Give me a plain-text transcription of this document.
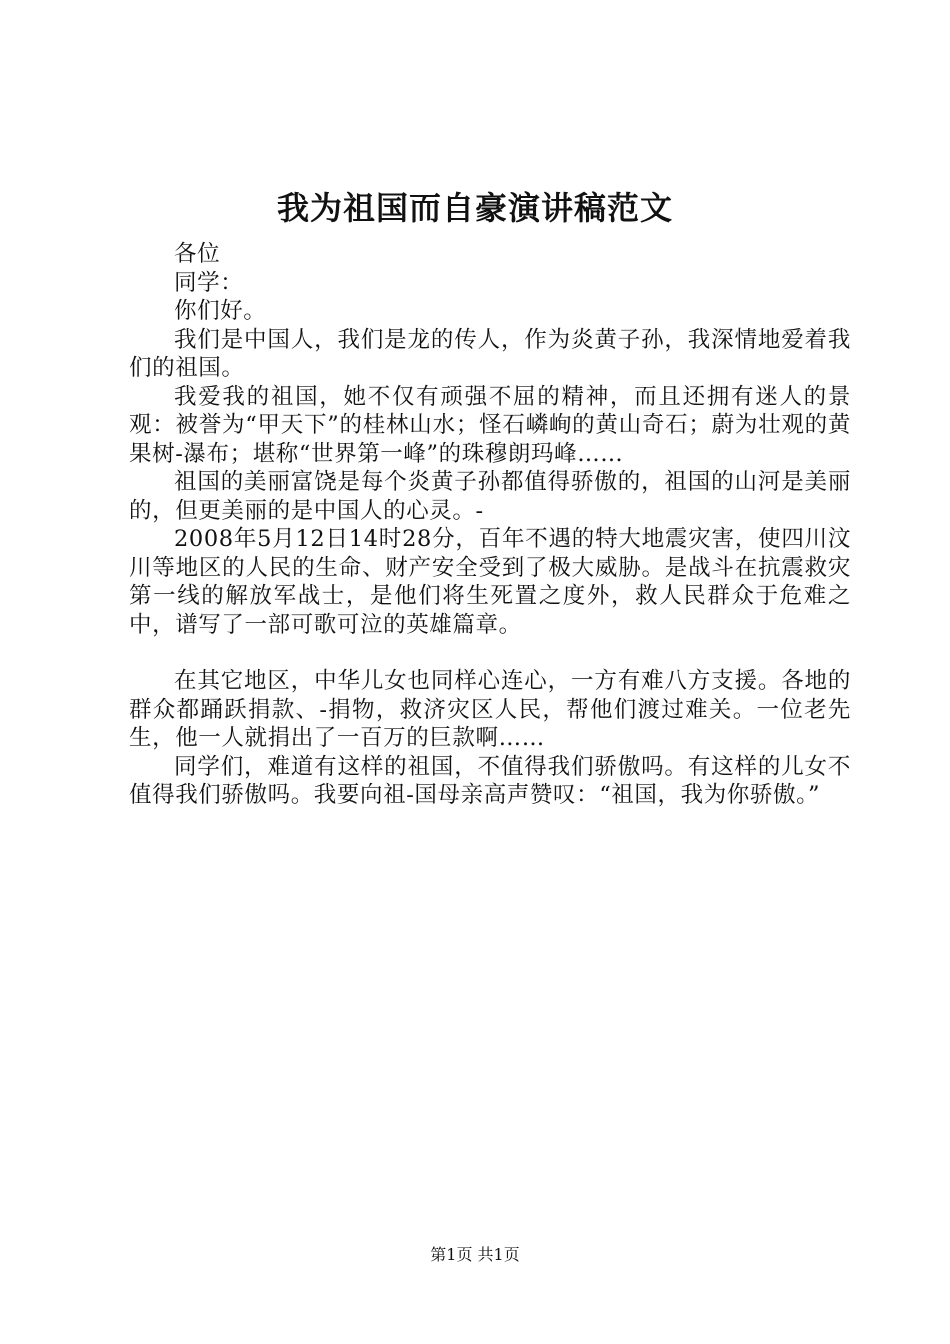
我为祖国而自豪演讲稿范文

各位

同学：

你们好。

我们是中国人，我们是龙的传人，作为炎黄子孙，我深情地爱着我们的祖国。

我爱我的祖国，她不仅有顽强不屈的精神，而且还拥有迷人的景观：被誉为“甲天下”的桂林山水；怪石嶙峋的黄山奇石；蔚为壮观的黄果树-瀑布；堪称“世界第一峰”的珠穆朗玛峰……

祖国的美丽富饶是每个炎黄子孙都值得骄傲的，祖国的山河是美丽的，但更美丽的是中国人的心灵。-

2008年5月12日14时28分，百年不遇的特大地震灾害，使四川汶川等地区的人民的生命、财产安全受到了极大威胁。是战斗在抗震救灾第一线的解放军战士，是他们将生死置之度外，救人民群众于危难之中，谱写了一部可歌可泣的英雄篇章。

在其它地区，中华儿女也同样心连心，一方有难八方支援。各地的群众都踊跃捐款、-捐物，救济灾区人民，帮他们渡过难关。一位老先生，他一人就捐出了一百万的巨款啊……

同学们，难道有这样的祖国，不值得我们骄傲吗。有这样的儿女不值得我们骄傲吗。我要向祖-国母亲高声赞叹：“祖国，我为你骄傲。”

第1页 共1页
